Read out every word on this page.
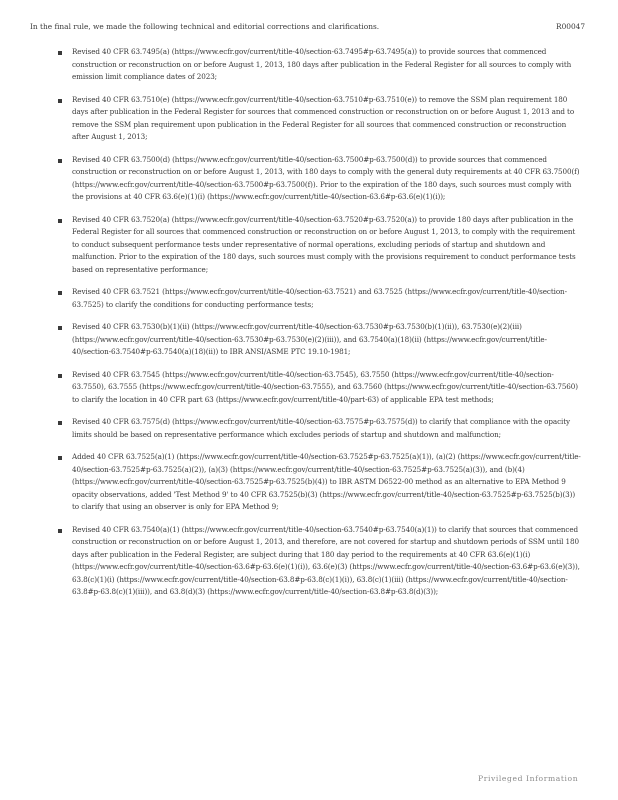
In the final rule, we made the following technical and editorial corrections and clarifications.	R00047

Revised 40 CFR 63.7495(a) (https://www.ecfr.gov/current/title-40/section-63.7495#p-63.7495(a)) to provide sources that commenced construction or reconstruction on or before August 1, 2013, 180 days after publication in the Federal Register for all sources to comply with emission limit compliance dates of 2023;

Revised 40 CFR 63.7510(e) (https://www.ecfr.gov/current/title-40/section-63.7510#p-63.7510(e)) to remove the SSM plan requirement 180 days after publication in the Federal Register for sources that commenced construction or reconstruction on or before August 1, 2013 and to remove the SSM plan requirement upon publication in the Federal Register for all sources that commenced construction or reconstruction after August 1, 2013;

Revised 40 CFR 63.7500(d) (https://www.ecfr.gov/current/title-40/section-63.7500#p-63.7500(d)) to provide sources that commenced construction or reconstruction on or before August 1, 2013, with 180 days to comply with the general duty requirements at 40 CFR 63.7500(f) (https://www.ecfr.gov/current/title-40/section-63.7500#p-63.7500(f)). Prior to the expiration of the 180 days, such sources must comply with the provisions at 40 CFR 63.6(e)(1)(i) (https://www.ecfr.gov/current/title-40/section-63.6#p-63.6(e)(1)(i));

Revised 40 CFR 63.7520(a) (https://www.ecfr.gov/current/title-40/section-63.7520#p-63.7520(a)) to provide 180 days after publication in the Federal Register for all sources that commenced construction or reconstruction on or before August 1, 2013, to comply with the requirement to conduct subsequent performance tests under representative of normal operations, excluding periods of startup and shutdown and malfunction. Prior to the expiration of the 180 days, such sources must comply with the provisions requirement to conduct performance tests based on representative performance;

Revised 40 CFR 63.7521 (https://www.ecfr.gov/current/title-40/section-63.7521) and 63.7525 (https://www.ecfr.gov/current/title-40/section-63.7525) to clarify the conditions for conducting performance tests;

Revised 40 CFR 63.7530(b)(1)(ii) (https://www.ecfr.gov/current/title-40/section-63.7530#p-63.7530(b)(1)(ii)), 63.7530(e)(2)(iii) (https://www.ecfr.gov/current/title-40/section-63.7530#p-63.7530(e)(2)(iii)), and 63.7540(a)(18)(ii) (https://www.ecfr.gov/current/title-40/section-63.7540#p-63.7540(a)(18)(ii)) to IBR ANSI/ASME PTC 19.10-1981;

Revised 40 CFR 63.7545 (https://www.ecfr.gov/current/title-40/section-63.7545), 63.7550 (https://www.ecfr.gov/current/title-40/section-63.7550), 63.7555 (https://www.ecfr.gov/current/title-40/section-63.7555), and 63.7560 (https://www.ecfr.gov/current/title-40/section-63.7560) to clarify the location in 40 CFR part 63 (https://www.ecfr.gov/current/title-40/part-63) of applicable EPA test methods;

Revised 40 CFR 63.7575(d) (https://www.ecfr.gov/current/title-40/section-63.7575#p-63.7575(d)) to clarify that compliance with the opacity limits should be based on representative performance which excludes periods of startup and shutdown and malfunction;

Added 40 CFR 63.7525(a)(1) (https://www.ecfr.gov/current/title-40/section-63.7525#p-63.7525(a)(1)), (a)(2) (https://www.ecfr.gov/current/title-40/section-63.7525#p-63.7525(a)(2)), (a)(3) (https://www.ecfr.gov/current/title-40/section-63.7525#p-63.7525(a)(3)), and (b)(4) (https://www.ecfr.gov/current/title-40/section-63.7525#p-63.7525(b)(4)) to IBR ASTM D6522-00 method as an alternative to EPA Method 9 opacity observations, added 'Test Method 9' to 40 CFR 63.7525(b)(3) (https://www.ecfr.gov/current/title-40/section-63.7525#p-63.7525(b)(3)) to clarify that using an observer is only for EPA Method 9;

Revised 40 CFR 63.7540(a)(1) (https://www.ecfr.gov/current/title-40/section-63.7540#p-63.7540(a)(1)) to clarify that sources that commenced construction or reconstruction on or before August 1, 2013, and therefore, are not covered for startup and shutdown periods of SSM until 180 days after publication in the Federal Register, are subject during that 180 day period to the requirements at 40 CFR 63.6(e)(1)(i) (https://www.ecfr.gov/current/title-40/section-63.6#p-63.6(e)(1)(i)), 63.6(e)(3) (https://www.ecfr.gov/current/title-40/section-63.6#p-63.6(e)(3)), 63.8(c)(1)(i) (https://www.ecfr.gov/current/title-40/section-63.8#p-63.8(c)(1)(i)), 63.8(c)(1)(iii) (https://www.ecfr.gov/current/title-40/section-63.8#p-63.8(c)(1)(iii)), and 63.8(d)(3) (https://www.ecfr.gov/current/title-40/section-63.8#p-63.8(d)(3));

Privileged Information
